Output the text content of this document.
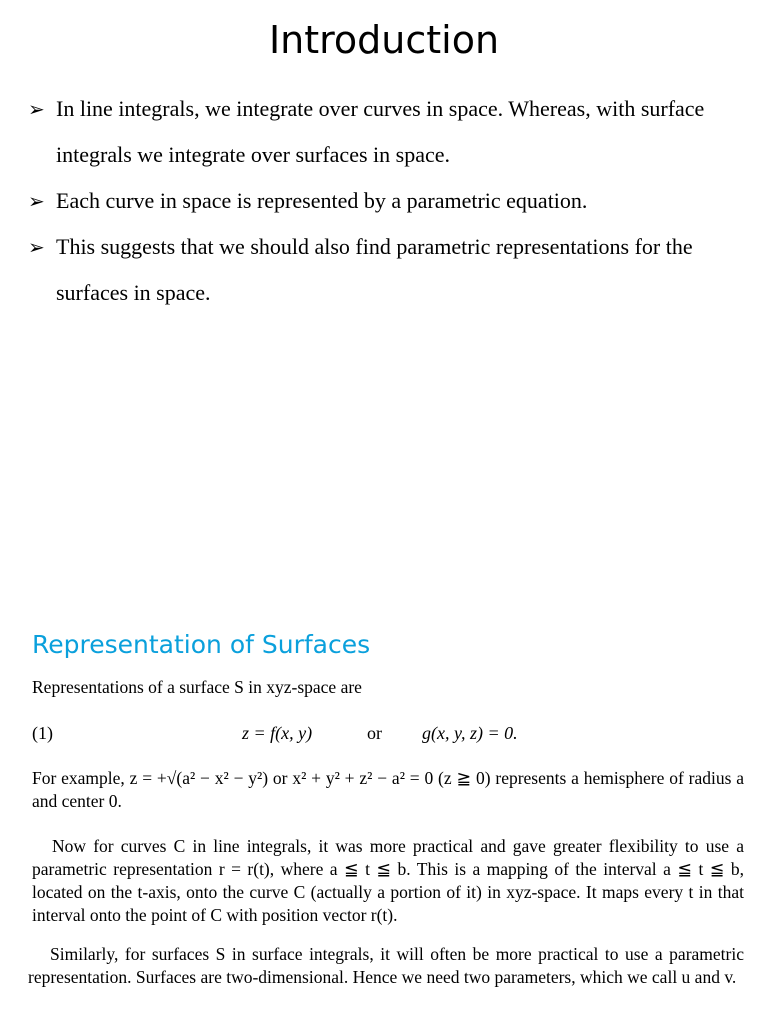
Introduction
➢ In line integrals, we integrate over curves in space. Whereas, with surface integrals we integrate over surfaces in space.
➢ Each curve in space is represented by a parametric equation.
➢ This suggests that we should also find parametric representations for the surfaces in space.
Representation of Surfaces

Representations of a surface S in xyz-space are

(1)	z = f(x, y)	or g(x, y, z) = 0.

For example, z = +√(a² − x² − y²) or x² + y² + z² − a² = 0 (z ≧ 0) represents a hemisphere of radius a and center 0.

Now for curves C in line integrals, it was more practical and gave greater flexibility to use a parametric representation r = r(t), where a ≦ t ≦ b. This is a mapping of the interval a ≦ t ≦ b, located on the t-axis, onto the curve C (actually a portion of it) in xyz-space. It maps every t in that interval onto the point of C with position vector r(t).

Similarly, for surfaces S in surface integrals, it will often be more practical to use a parametric representation. Surfaces are two-dimensional. Hence we need two parameters, which we call u and v.
